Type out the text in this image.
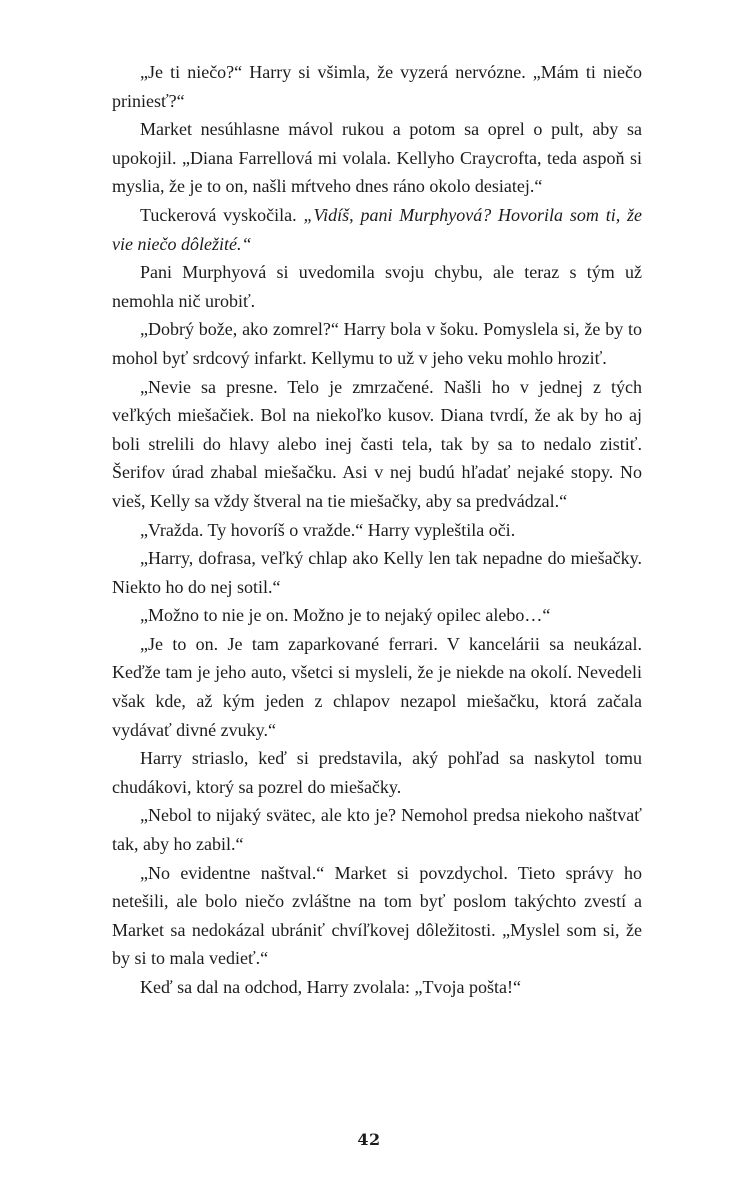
„Je ti niečo?“ Harry si všimla, že vyzerá nervózne. „Mám ti niečo priniesť?“

Market nesúhlasne mávol rukou a potom sa oprel o pult, aby sa upokojil. „Diana Farrellová mi volala. Kellyho Craycrofta, teda aspoň si myslia, že je to on, našli mŕtveho dnes ráno okolo desiatej.“

Tuckerová vyskočila. „Vidíš, pani Murphyová? Hovorila som ti, že vie niečo dôležité.“

Pani Murphyová si uvedomila svoju chybu, ale teraz s tým už nemohla nič urobiť.

„Dobrý bože, ako zomrel?“ Harry bola v šoku. Pomyslela si, že by to mohol byť srdcový infarkt. Kellymu to už v jeho veku mohlo hroziť.

„Nevie sa presne. Telo je zmrzačené. Našli ho v jednej z tých veľkých miešačiek. Bol na niekoľko kusov. Diana tvrdí, že ak by ho aj boli strelili do hlavy alebo inej časti tela, tak by sa to nedalo zistiť. Šerifov úrad zhabal miešačku. Asi v nej budú hľadať nejaké stopy. No vieš, Kelly sa vždy štveral na tie miešačky, aby sa predvádzal.“

„Vražda. Ty hovoríš o vražde.“ Harry vypleštila oči.

„Harry, dofrasa, veľký chlap ako Kelly len tak nepadne do miešačky. Niekto ho do nej sotil.“

„Možno to nie je on. Možno je to nejaký opilec alebo…“

„Je to on. Je tam zaparkované ferrari. V kancelárii sa neukázal. Keďže tam je jeho auto, všetci si mysleli, že je niekde na okolí. Nevedeli však kde, až kým jeden z chlapov nezapol miešačku, ktorá začala vydávať divné zvuky.“

Harry striaslo, keď si predstavila, aký pohľad sa naskytol tomu chudákovi, ktorý sa pozrel do miešačky.

„Nebol to nijaký svätec, ale kto je? Nemohol predsa niekoho naštvať tak, aby ho zabil.“

„No evidentne naštval.“ Market si povzdychol. Tieto správy ho netešili, ale bolo niečo zvláštne na tom byť poslom takýchto zvestí a Market sa nedokázal ubrániť chvíľkovej dôležitosti. „Myslel som si, že by si to mala vedieť.“

Keď sa dal na odchod, Harry zvolala: „Tvoja pošta!“

42
